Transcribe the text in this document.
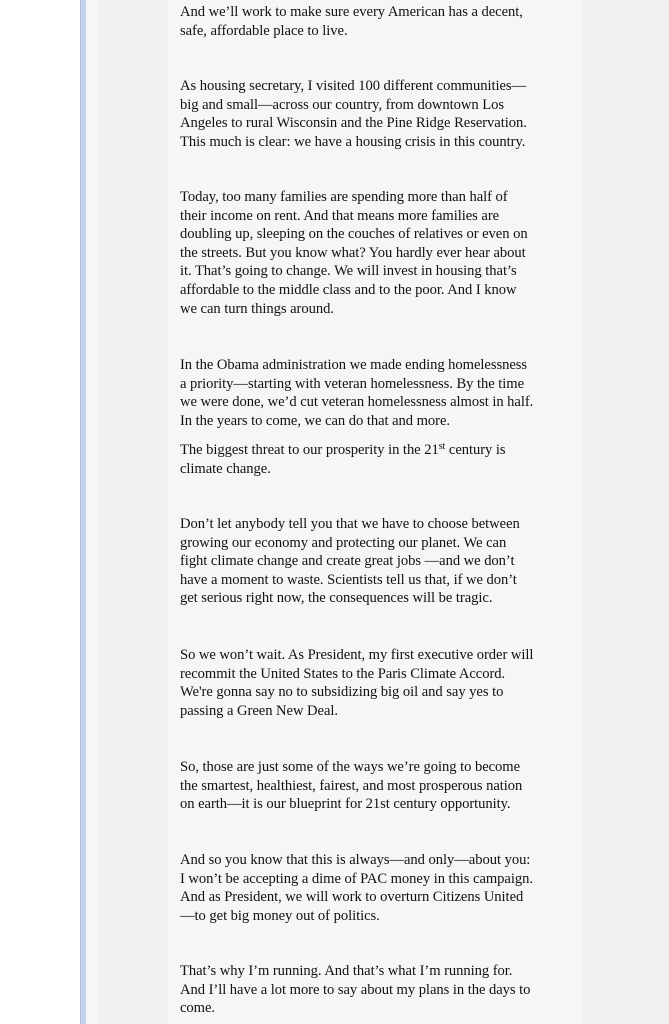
And we’ll work to make sure every American has a decent,
safe, affordable place to live.

As housing secretary, I visited 100 different communities—
big and small—across our country, from downtown Los
Angeles to rural Wisconsin and the Pine Ridge Reservation.
This much is clear: we have a housing crisis in this country.

Today, too many families are spending more than half of
their income on rent. And that means more families are
doubling up, sleeping on the couches of relatives or even on
the streets. But you know what? You hardly ever hear about
it. That’s going to change. We will invest in housing that’s
affordable to the middle class and to the poor. And I know
we can turn things around.

In the Obama administration we made ending homelessness
a priority—starting with veteran homelessness. By the time
we were done, we’d cut veteran homelessness almost in half.
In the years to come, we can do that and more.

The biggest threat to our prosperity in the 21st century is
climate change.

Don’t let anybody tell you that we have to choose between
growing our economy and protecting our planet. We can
fight climate change and create great jobs —and we don’t
have a moment to waste. Scientists tell us that, if we don’t
get serious right now, the consequences will be tragic.

So we won’t wait. As President, my first executive order will
recommit the United States to the Paris Climate Accord.
We're gonna say no to subsidizing big oil and say yes to
passing a Green New Deal.

So, those are just some of the ways we’re going to become
the smartest, healthiest, fairest, and most prosperous nation
on earth—it is our blueprint for 21st century opportunity.

And so you know that this is always—and only—about you:
I won’t be accepting a dime of PAC money in this campaign.
And as President, we will work to overturn Citizens United
—to get big money out of politics.

That’s why I’m running. And that’s what I’m running for.
And I’ll have a lot more to say about my plans in the days to
come.
